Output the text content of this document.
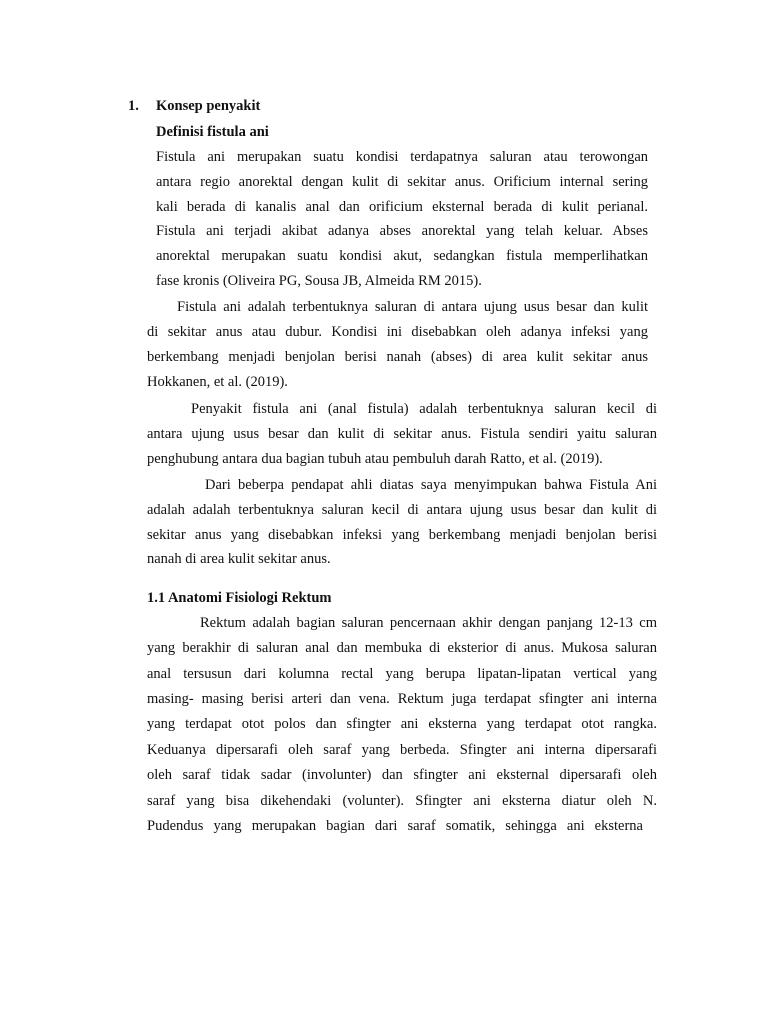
1. Konsep penyakit
Definisi fistula ani
Fistula ani merupakan suatu kondisi terdapatnya saluran atau terowongan
antara regio anorektal dengan kulit di sekitar anus. Orificium internal sering
kali berada di kanalis anal dan orificium eksternal berada di kulit perianal.
Fistula ani terjadi akibat adanya abses anorektal yang telah keluar. Abses
anorektal merupakan suatu kondisi akut, sedangkan fistula memperlihatkan
fase kronis (Oliveira PG, Sousa JB, Almeida RM 2015).
Fistula ani adalah terbentuknya saluran di antara ujung usus besar dan kulit
di sekitar anus atau dubur. Kondisi ini disebabkan oleh adanya infeksi yang
berkembang menjadi benjolan berisi nanah (abses) di area kulit sekitar anus
Hokkanen, et al. (2019).
Penyakit fistula ani (anal fistula) adalah terbentuknya saluran kecil di
antara ujung usus besar dan kulit di sekitar anus. Fistula sendiri yaitu saluran
penghubung antara dua bagian tubuh atau pembuluh darah Ratto, et al. (2019).
Dari beberpa pendapat ahli diatas saya menyimpukan bahwa Fistula Ani
adalah adalah terbentuknya saluran kecil di antara ujung usus besar dan kulit di
sekitar anus yang disebabkan infeksi yang berkembang menjadi benjolan berisi
nanah di area kulit sekitar anus.
1.1 Anatomi Fisiologi Rektum
Rektum adalah bagian saluran pencernaan akhir dengan panjang 12-13 cm
yang berakhir di saluran anal dan membuka di eksterior di anus. Mukosa saluran
anal tersusun dari kolumna rectal yang berupa lipatan-lipatan vertical yang
masing- masing berisi arteri dan vena. Rektum juga terdapat sfingter ani interna
yang terdapat otot polos dan sfingter ani eksterna yang terdapat otot rangka.
Keduanya dipersarafi oleh saraf yang berbeda. Sfingter ani interna dipersarafi
oleh saraf tidak sadar (involunter) dan sfingter ani eksternal dipersarafi oleh
saraf yang bisa dikehendaki (volunter). Sfingter ani eksterna diatur oleh N.
Pudendus yang merupakan bagian dari saraf somatik, sehingga ani eksterna
